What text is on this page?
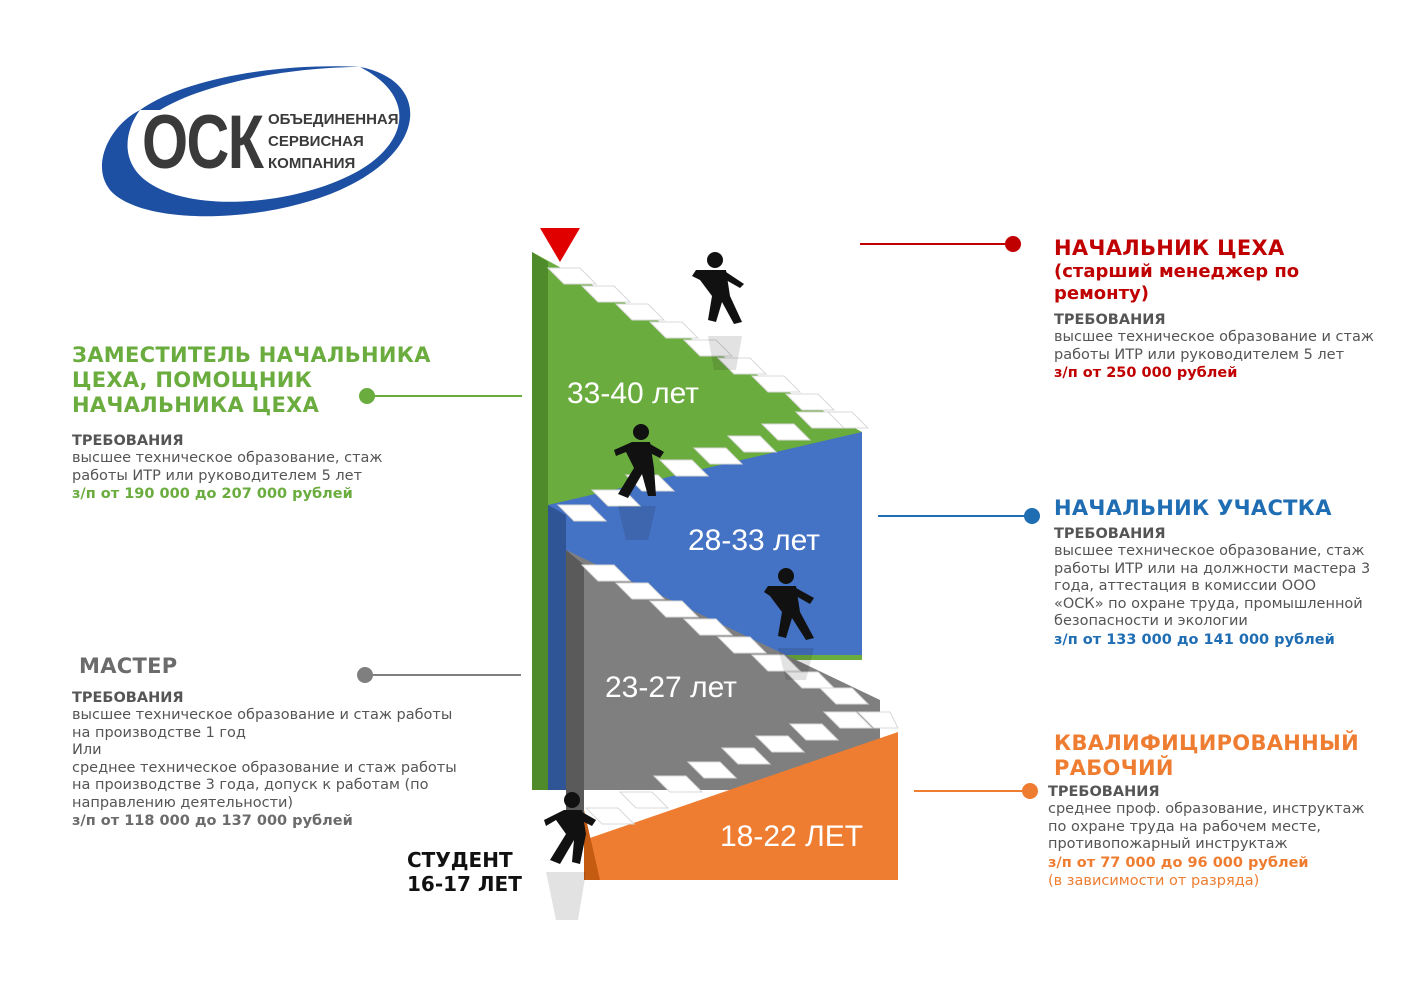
ОСК ОБЪЕДИНЕННАЯ
СЕРВИСНАЯ
КОМПАНИЯ
33-40 лет
28-33 лет
23-27 лет
18-22 ЛЕТ
НАЧАЛЬНИК ЦЕХА
(старший менеджер по
ремонту)
ТРЕБОВАНИЯ
высшее техническое образование и стаж
работы ИТР или руководителем 5 лет
з/п от 250 000 рублей
ЗАМЕСТИТЕЛЬ НАЧАЛЬНИКА
ЦЕХА, ПОМОЩНИК
НАЧАЛЬНИКА ЦЕХА
ТРЕБОВАНИЯ
высшее техническое образование, стаж
работы ИТР или руководителем 5 лет
з/п от 190 000 до 207 000 рублей
НАЧАЛЬНИК УЧАСТКА
ТРЕБОВАНИЯ
высшее техническое образование, стаж
работы ИТР или на должности мастера 3
года, аттестация в комиссии ООО
«ОСК» по охране труда, промышленной
безопасности и экологии
з/п от 133 000 до 141 000 рублей
МАСТЕР
ТРЕБОВАНИЯ
высшее техническое образование и стаж работы
на производстве 1 год
Или
среднее техническое образование и стаж работы
на производстве 3 года, допуск к работам (по
направлению деятельности)
з/п от 118 000 до 137 000 рублей
КВАЛИФИЦИРОВАННЫЙ
РАБОЧИЙ
ТРЕБОВАНИЯ
среднее проф. образование, инструктаж
по охране труда на рабочем месте,
противопожарный инструктаж
з/п от 77 000 до 96 000 рублей
(в зависимости от разряда)
СТУДЕНТ
16-17 ЛЕТ
